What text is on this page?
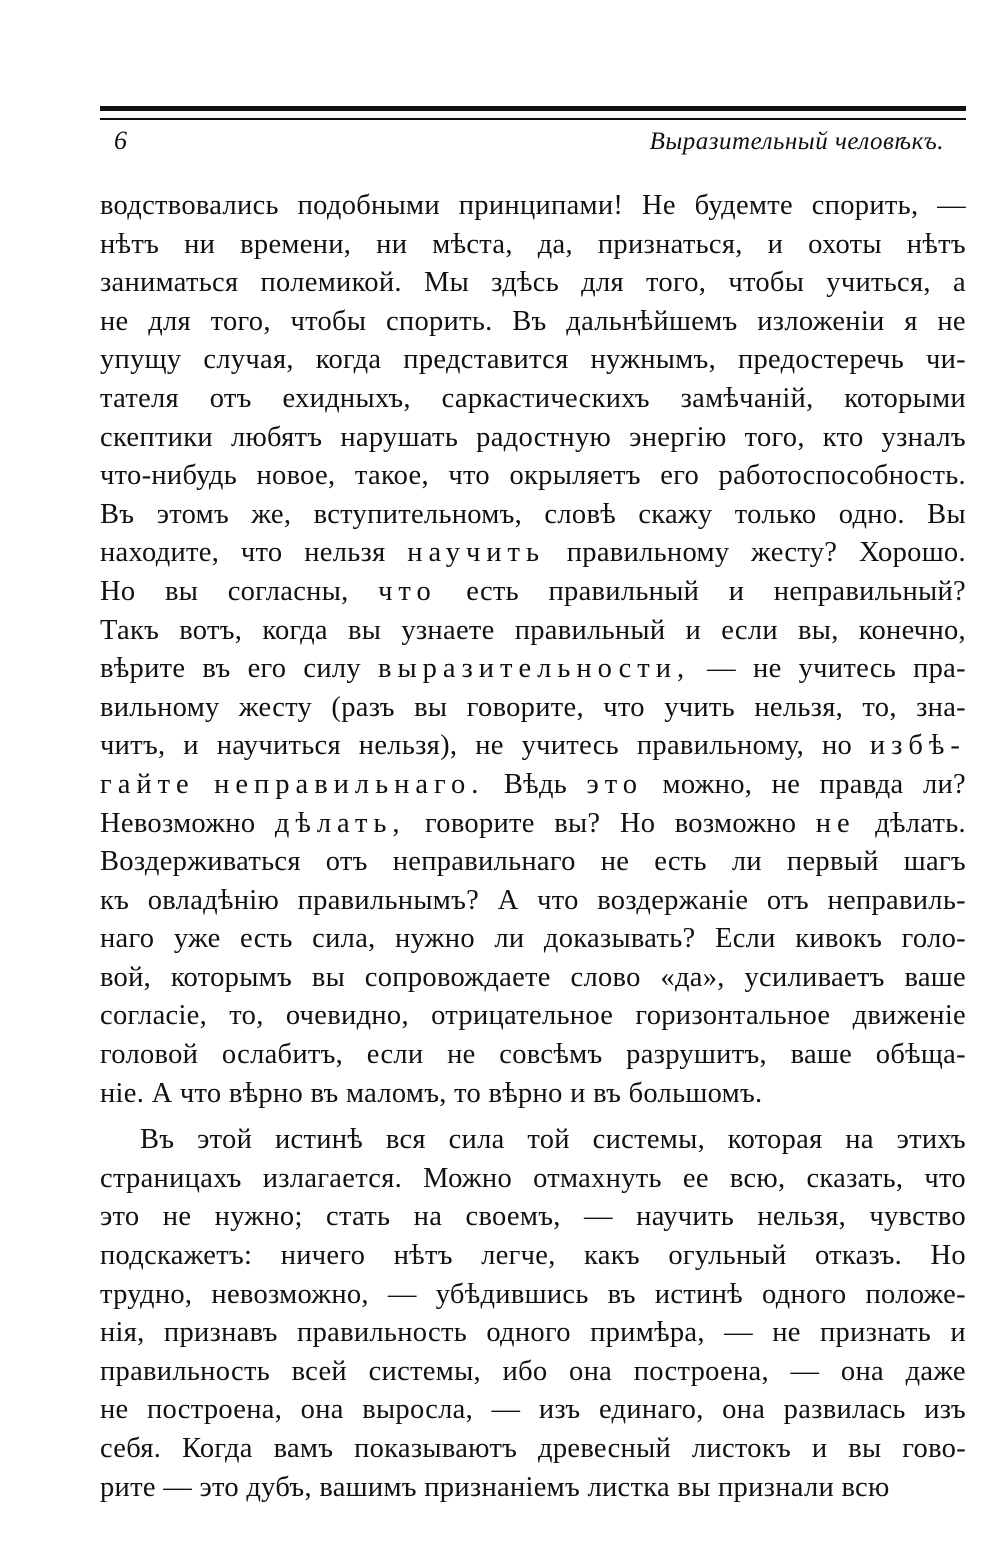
6	Выразительный человѣкъ.
водствовались подобными принципами! Не будемте спорить, —
нѣтъ ни времени, ни мѣста, да, признаться, и охоты нѣтъ
заниматься полемикой. Мы здѣсь для того, чтобы учиться, а
не для того, чтобы спорить. Въ дальнѣйшемъ изложеніи я не
упущу случая, когда представится нужнымъ, предостеречь чи-
тателя отъ ехидныхъ, саркастическихъ замѣчаній, которыми
скептики любятъ нарушать радостную энергію того, кто узналъ
что-нибудь новое, такое, что окрыляетъ его работоспособность.
Въ этомъ же, вступительномъ, словѣ скажу только одно. Вы
находите, что нельзя научить правильному жесту? Хорошо.
Но вы согласны, что есть правильный и неправильный?
Такъ вотъ, когда вы узнаете правильный и если вы, конечно,
вѣрите въ его силу выразительности, — не учитесь пра-
вильному жесту (разъ вы говорите, что учить нельзя, то, зна-
читъ, и научиться нельзя), не учитесь правильному, но избѣ-
гайте неправильнаго. Вѣдь это можно, не правда ли?
Невозможно дѣлать, говорите вы? Но возможно не дѣлать.
Воздерживаться отъ неправильнаго не есть ли первый шагъ
къ овладѣнію правильнымъ? А что воздержаніе отъ неправиль-
наго уже есть сила, нужно ли доказывать? Если кивокъ голо-
вой, которымъ вы сопровождаете слово «да», усиливаетъ ваше
согласіе, то, очевидно, отрицательное горизонтальное движеніе
головой ослабитъ, если не совсѣмъ разрушитъ, ваше обѣща-
ніе. А что вѣрно въ маломъ, то вѣрно и въ большомъ.
Въ этой истинѣ вся сила той системы, которая на этихъ
страницахъ излагается. Можно отмахнуть ее всю, сказать, что
это не нужно; стать на своемъ, — научить нельзя, чувство
подскажетъ: ничего нѣтъ легче, какъ огульный отказъ. Но
трудно, невозможно, — убѣдившись въ истинѣ одного положе-
нія, признавъ правильность одного примѣра, — не признать и
правильность всей системы, ибо она построена, — она даже
не построена, она выросла, — изъ единаго, она развилась изъ
себя. Когда вамъ показываютъ древесный листокъ и вы гово-
рите — это дубъ, вашимъ признаніемъ листка вы признали всю
